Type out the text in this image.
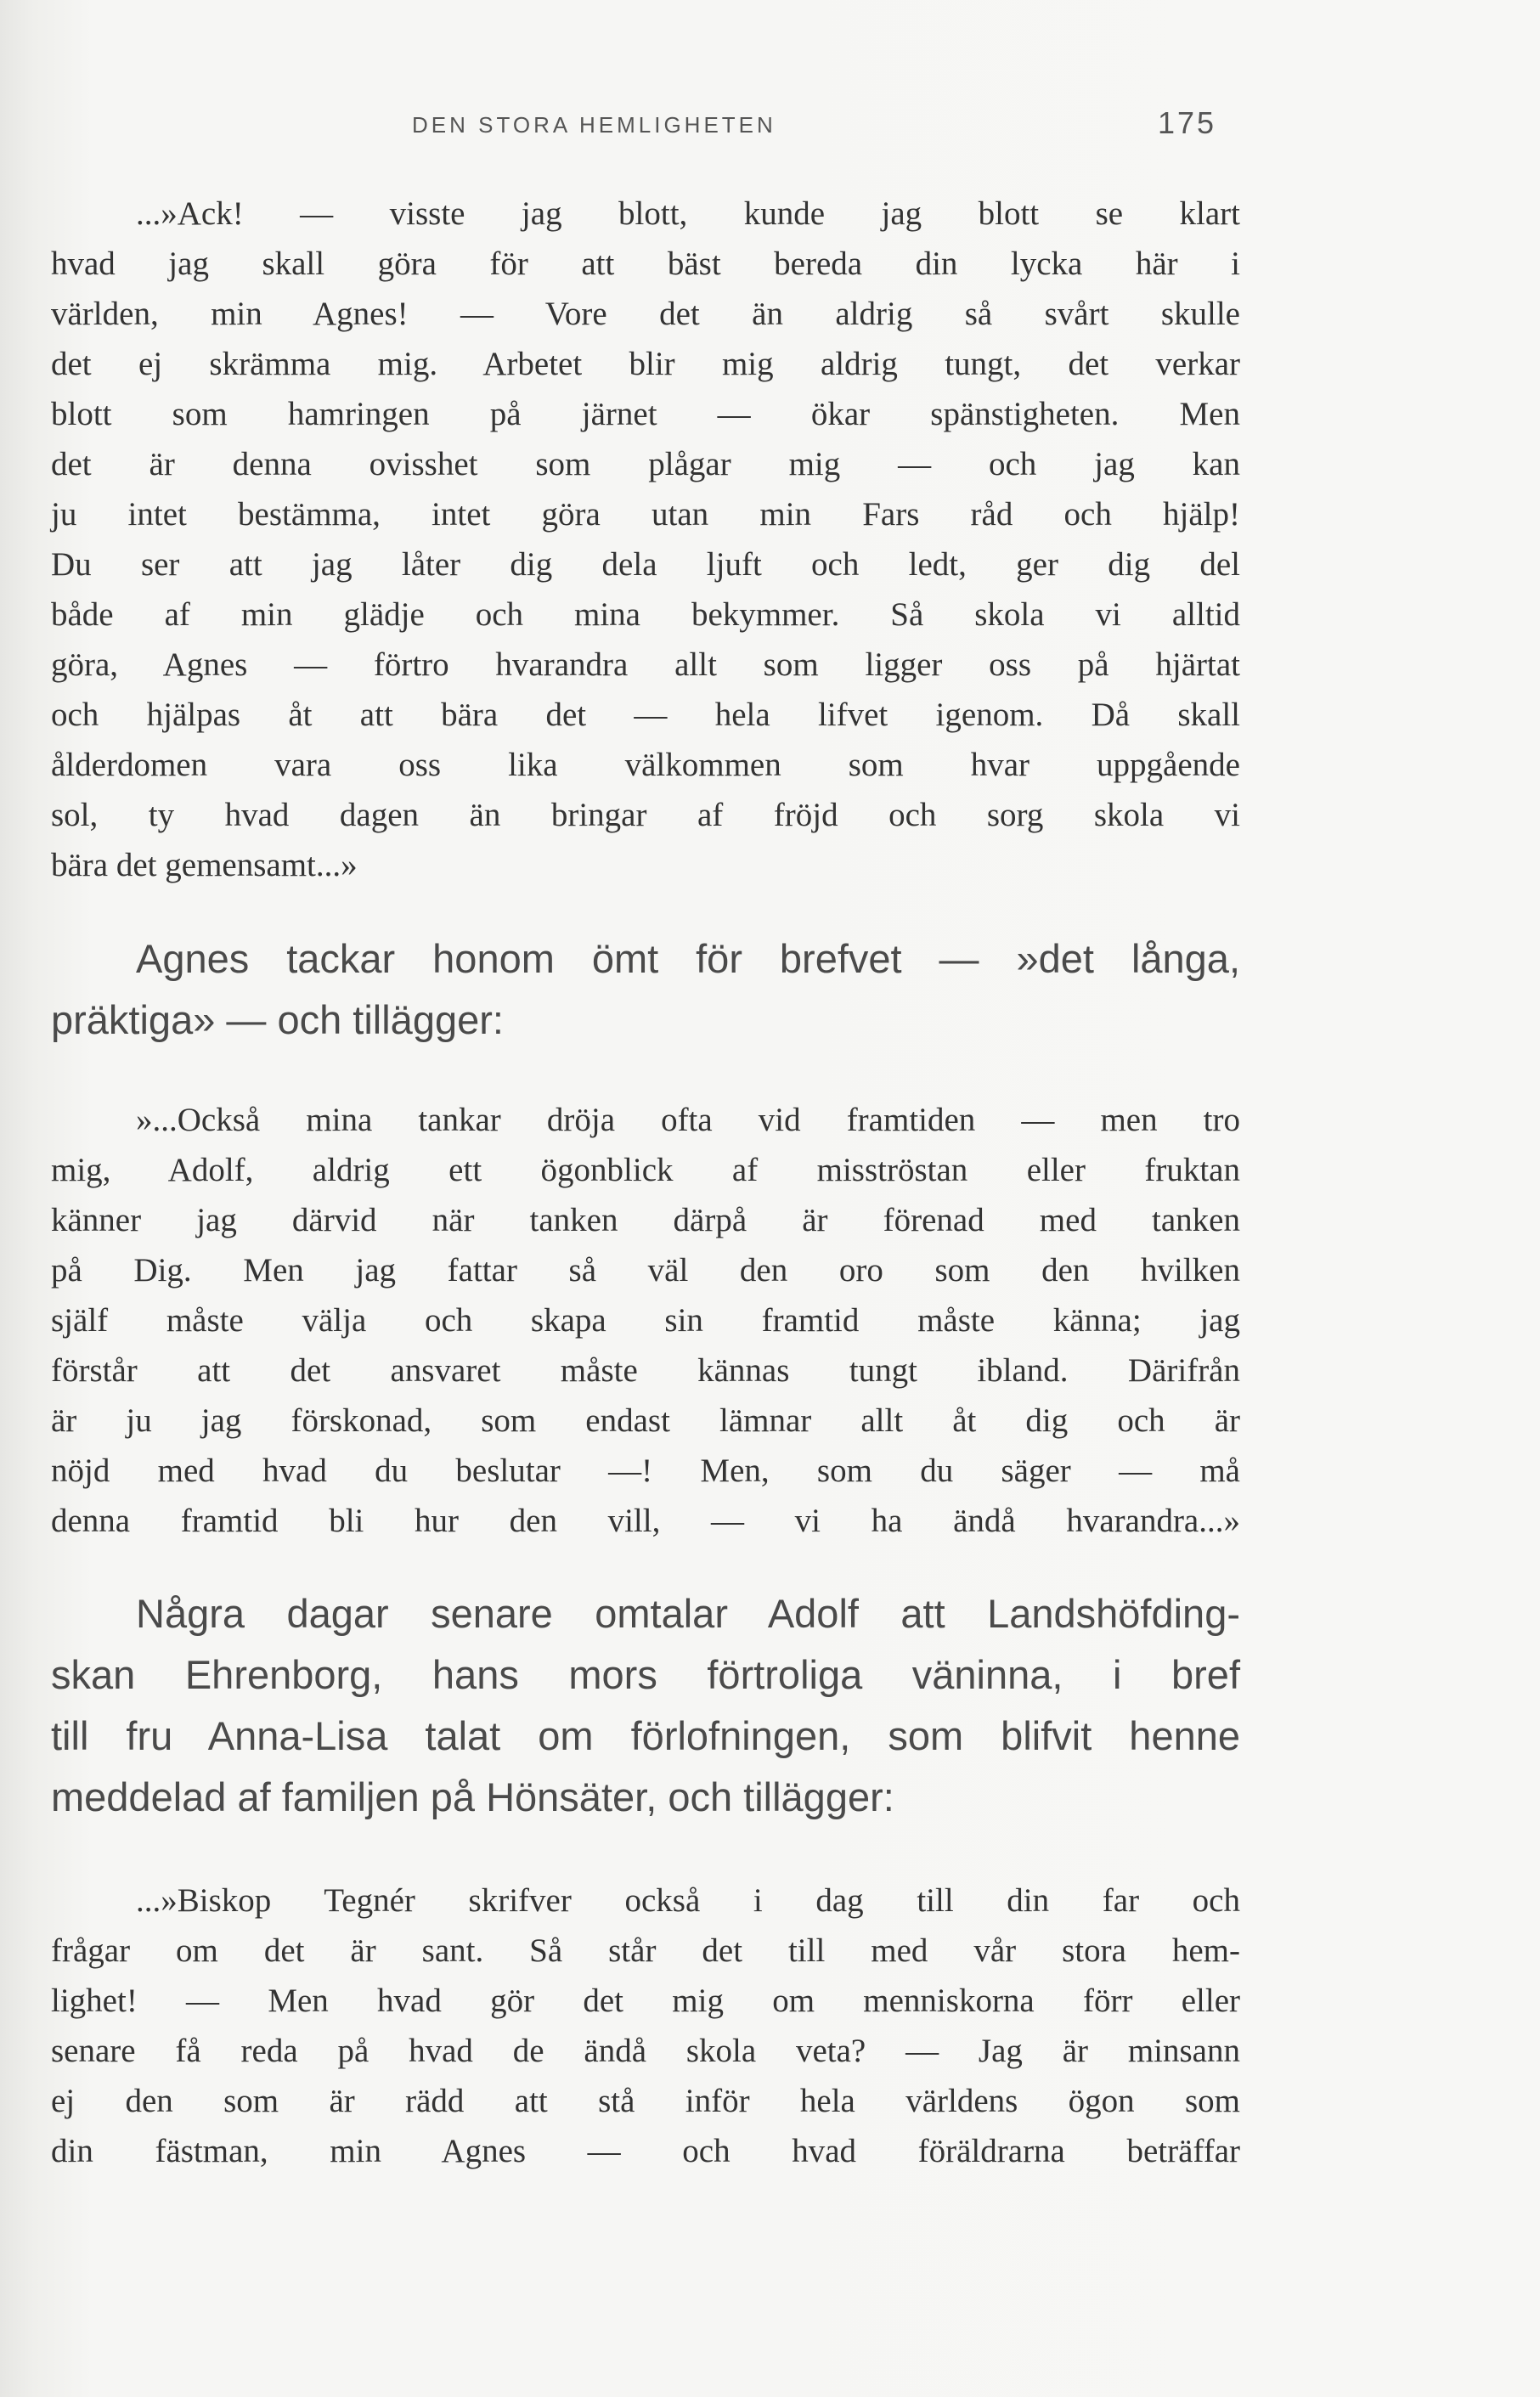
DEN STORA HEMLIGHETEN	175
...»Ack! — visste jag blott, kunde jag blott se klart
hvad jag skall göra för att bäst bereda din lycka här i
världen, min Agnes! — Vore det än aldrig så svårt skulle
det ej skrämma mig. Arbetet blir mig aldrig tungt, det verkar
blott som hamringen på järnet — ökar spänstigheten. Men
det är denna ovisshet som plågar mig — och jag kan
ju intet bestämma, intet göra utan min Fars råd och hjälp!
Du ser att jag låter dig dela ljuft och ledt, ger dig del
både af min glädje och mina bekymmer. Så skola vi alltid
göra, Agnes — förtro hvarandra allt som ligger oss på hjärtat
och hjälpas åt att bära det — hela lifvet igenom. Då skall
ålderdomen vara oss lika välkommen som hvar uppgående
sol, ty hvad dagen än bringar af fröjd och sorg skola vi
bära det gemensamt...»
Agnes tackar honom ömt för brefvet — »det långa,
präktiga» — och tillägger:
»...Också mina tankar dröja ofta vid framtiden — men tro
mig, Adolf, aldrig ett ögonblick af misströstan eller fruktan
känner jag därvid när tanken därpå är förenad med tanken
på Dig. Men jag fattar så väl den oro som den hvilken
själf måste välja och skapa sin framtid måste känna; jag
förstår att det ansvaret måste kännas tungt ibland. Därifrån
är ju jag förskonad, som endast lämnar allt åt dig och är
nöjd med hvad du beslutar —! Men, som du säger — må
denna framtid bli hur den vill, — vi ha ändå hvarandra...»
Några dagar senare omtalar Adolf att Landshöfding-
skan Ehrenborg, hans mors förtroliga väninna, i bref
till fru Anna-Lisa talat om förlofningen, som blifvit henne
meddelad af familjen på Hönsäter, och tillägger:
...»Biskop Tegnér skrifver också i dag till din far och
frågar om det är sant. Så står det till med vår stora hem-
lighet! — Men hvad gör det mig om menniskorna förr eller
senare få reda på hvad de ändå skola veta? — Jag är minsann
ej den som är rädd att stå inför hela världens ögon som
din fästman, min Agnes — och hvad föräldrarna beträffar
